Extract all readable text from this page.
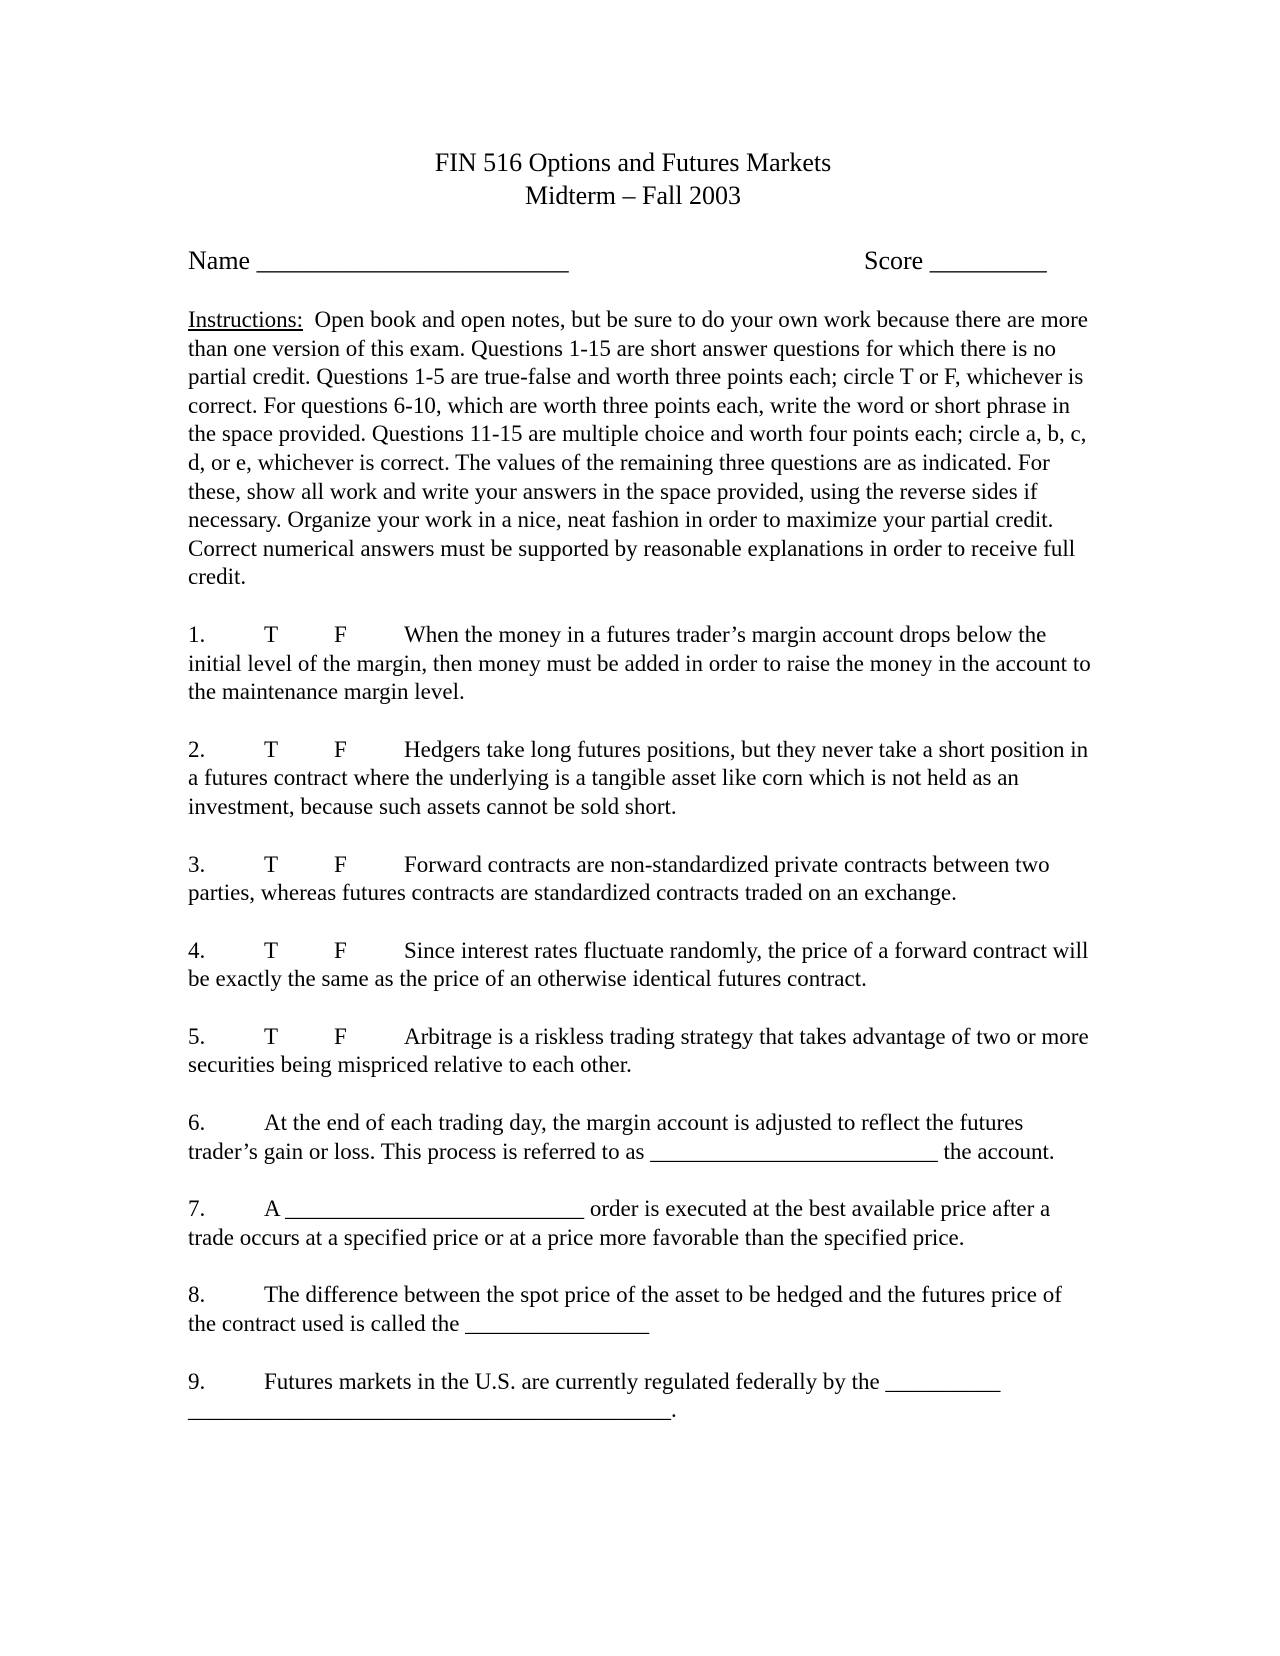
FIN 516 Options and Futures Markets
Midterm – Fall 2003
Name ________________________	Score _________
Instructions: Open book and open notes, but be sure to do your own work because there are more than one version of this exam. Questions 1-15 are short answer questions for which there is no partial credit. Questions 1-5 are true-false and worth three points each; circle T or F, whichever is correct. For questions 6-10, which are worth three points each, write the word or short phrase in the space provided. Questions 11-15 are multiple choice and worth four points each; circle a, b, c, d, or e, whichever is correct. The values of the remaining three questions are as indicated. For these, show all work and write your answers in the space provided, using the reverse sides if necessary. Organize your work in a nice, neat fashion in order to maximize your partial credit. Correct numerical answers must be supported by reasonable explanations in order to receive full credit.
1.	T F When the money in a futures trader’s margin account drops below the initial level of the margin, then money must be added in order to raise the money in the account to the maintenance margin level.
2.	T F Hedgers take long futures positions, but they never take a short position in a futures contract where the underlying is a tangible asset like corn which is not held as an investment, because such assets cannot be sold short.
3.	T F Forward contracts are non-standardized private contracts between two parties, whereas futures contracts are standardized contracts traded on an exchange.
4.	T F Since interest rates fluctuate randomly, the price of a forward contract will be exactly the same as the price of an otherwise identical futures contract.
5.	T F Arbitrage is a riskless trading strategy that takes advantage of two or more securities being mispriced relative to each other.
6.	At the end of each trading day, the margin account is adjusted to reflect the futures trader’s gain or loss. This process is referred to as _________________________ the account.
7.	A __________________________ order is executed at the best available price after a trade occurs at a specified price or at a price more favorable than the specified price.
8.	The difference between the spot price of the asset to be hedged and the futures price of the contract used is called the ________________
9.	Futures markets in the U.S. are currently regulated federally by the __________ __________________________________________.
